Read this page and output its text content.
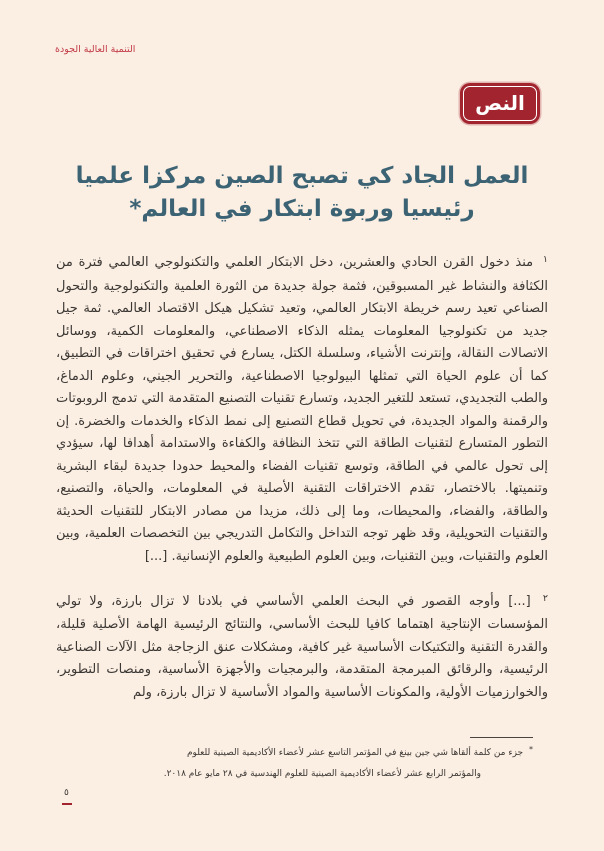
التنمية العالية الجودة
النص
العمل الجاد كي تصبح الصين مركزا علميا
رئيسيا وربوة ابتكار في العالم*

$^١$ منذ دخول القرن الحادي والعشرين، دخل الابتكار العلمي والتكنولوجي العالمي فترة من الكثافة والنشاط غير المسبوقين، فثمة جولة جديدة من الثورة العلمية والتكنولوجية والتحول الصناعي تعيد رسم خريطة الابتكار العالمي، وتعيد تشكيل هيكل الاقتصاد العالمي. ثمة جيل جديد من تكنولوجيا المعلومات يمثله الذكاء الاصطناعي، والمعلومات الكمية، ووسائل الاتصالات النقالة، وإنترنت الأشياء، وسلسلة الكتل، يسارع في تحقيق اختراقات في التطبيق، كما أن علوم الحياة التي تمثلها البيولوجيا الاصطناعية، والتحرير الجيني، وعلوم الدماغ، والطب التجديدي، تستعد للتغير الجديد، وتسارع تقنيات التصنيع المتقدمة التي تدمج الروبوتات والرقمنة والمواد الجديدة، في تحويل قطاع التصنيع إلى نمط الذكاء والخدمات والخضرة. إن التطور المتسارع لتقنيات الطاقة التي تتخذ النظافة والكفاءة والاستدامة أهدافا لها، سيؤدي إلى تحول عالمي في الطاقة، وتوسع تقنيات الفضاء والمحيط حدودا جديدة لبقاء البشرية وتنميتها. بالاختصار، تقدم الاختراقات التقنية الأصلية في المعلومات، والحياة، والتصنيع، والطاقة، والفضاء، والمحيطات، وما إلى ذلك، مزيدا من مصادر الابتكار للتقنيات الحديثة والتقنيات التحويلية، وقد ظهر توجه التداخل والتكامل التدريجي بين التخصصات العلمية، وبين العلوم والتقنيات، وبين التقنيات، وبين العلوم الطبيعية والعلوم الإنسانية. [...]

$^٢$ [...] وأوجه القصور في البحث العلمي الأساسي في بلادنا لا تزال بارزة، ولا تولي المؤسسات الإنتاجية اهتماما كافيا للبحث الأساسي، والنتائج الرئيسية الهامة الأصلية قليلة، والقدرة التقنية والتكتيكات الأساسية غير كافية، ومشكلات عنق الزجاجة مثل الآلات الصناعية الرئيسية، والرقائق المبرمجة المتقدمة، والبرمجيات والأجهزة الأساسية، ومنصات التطوير، والخوارزميات الأولية، والمكونات الأساسية والمواد الأساسية لا تزال بارزة، ولم

* جزء من كلمة ألقاها شي جين بينغ في المؤتمر التاسع عشر لأعضاء الأكاديمية الصينية للعلوم والمؤتمر الرابع عشر لأعضاء الأكاديمية الصينية للعلوم الهندسية في ٢٨ مايو عام ٢٠١٨.
٥
